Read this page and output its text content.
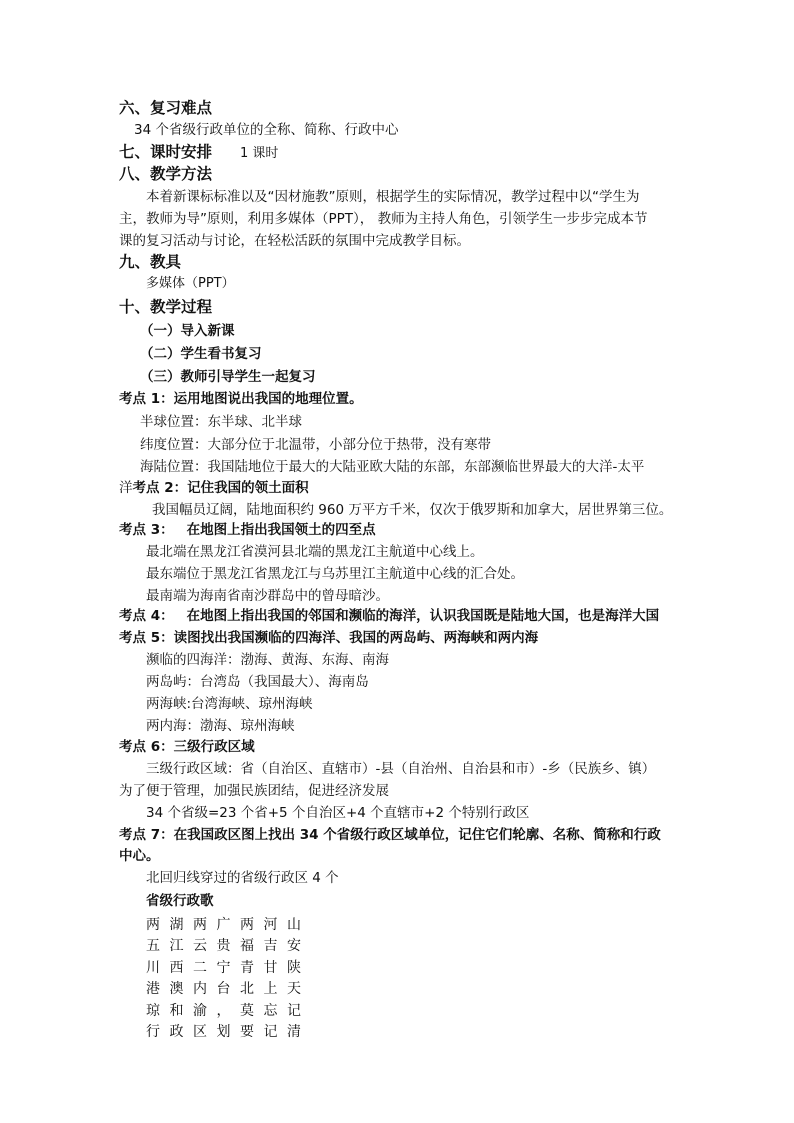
六、复习难点
34 个省级行政单位的全称、简称、行政中心
七、课时安排 1 课时
八、教学方法
本着新课标标准以及“因材施教”原则，根据学生的实际情况，教学过程中以“学生为
主，教师为导”原则，利用多媒体（PPT）， 教师为主持人角色，引领学生一步步完成本节
课的复习活动与讨论，在轻松活跃的氛围中完成教学目标。
九、教具
多媒体（PPT）
十、教学过程
（一）导入新课
（二）学生看书复习
（三）教师引导学生一起复习
考点 1：运用地图说出我国的地理位置。
半球位置：东半球、北半球
纬度位置：大部分位于北温带，小部分位于热带，没有寒带
海陆位置：我国陆地位于最大的大陆亚欧大陆的东部，东部濒临世界最大的大洋-太平
洋考点 2：记住我国的领土面积
我国幅员辽阔，陆地面积约 960 万平方千米，仅次于俄罗斯和加拿大，居世界第三位。
考点 3： 在地图上指出我国领土的四至点
最北端在黑龙江省漠河县北端的黑龙江主航道中心线上。
最东端位于黑龙江省黑龙江与乌苏里江主航道中心线的汇合处。
最南端为海南省南沙群岛中的曾母暗沙。
考点 4： 在地图上指出我国的邻国和濒临的海洋，认识我国既是陆地大国，也是海洋大国
考点 5：读图找出我国濒临的四海洋、我国的两岛屿、两海峡和两内海
濒临的四海洋：渤海、黄海、东海、南海
两岛屿：台湾岛（我国最大）、海南岛
两海峡:台湾海峡、琼州海峡
两内海：渤海、琼州海峡
考点 6：三级行政区域
三级行政区域：省（自治区、直辖市）-县（自治州、自治县和市）-乡（民族乡、镇）
为了便于管理，加强民族团结，促进经济发展
34 个省级=23 个省+5 个自治区+4 个直辖市+2 个特别行政区
考点 7：在我国政区图上找出 34 个省级行政区域单位，记住它们轮廓、名称、简称和行政
中心。
北回归线穿过的省级行政区 4 个
省级行政歌
两 湖 两 广 两 河 山
五 江 云 贵 福 吉 安
川 西 二 宁 青 甘 陕
港 澳 内 台 北 上 天
琼 和 渝 ， 莫 忘 记
行 政 区 划 要 记 清
